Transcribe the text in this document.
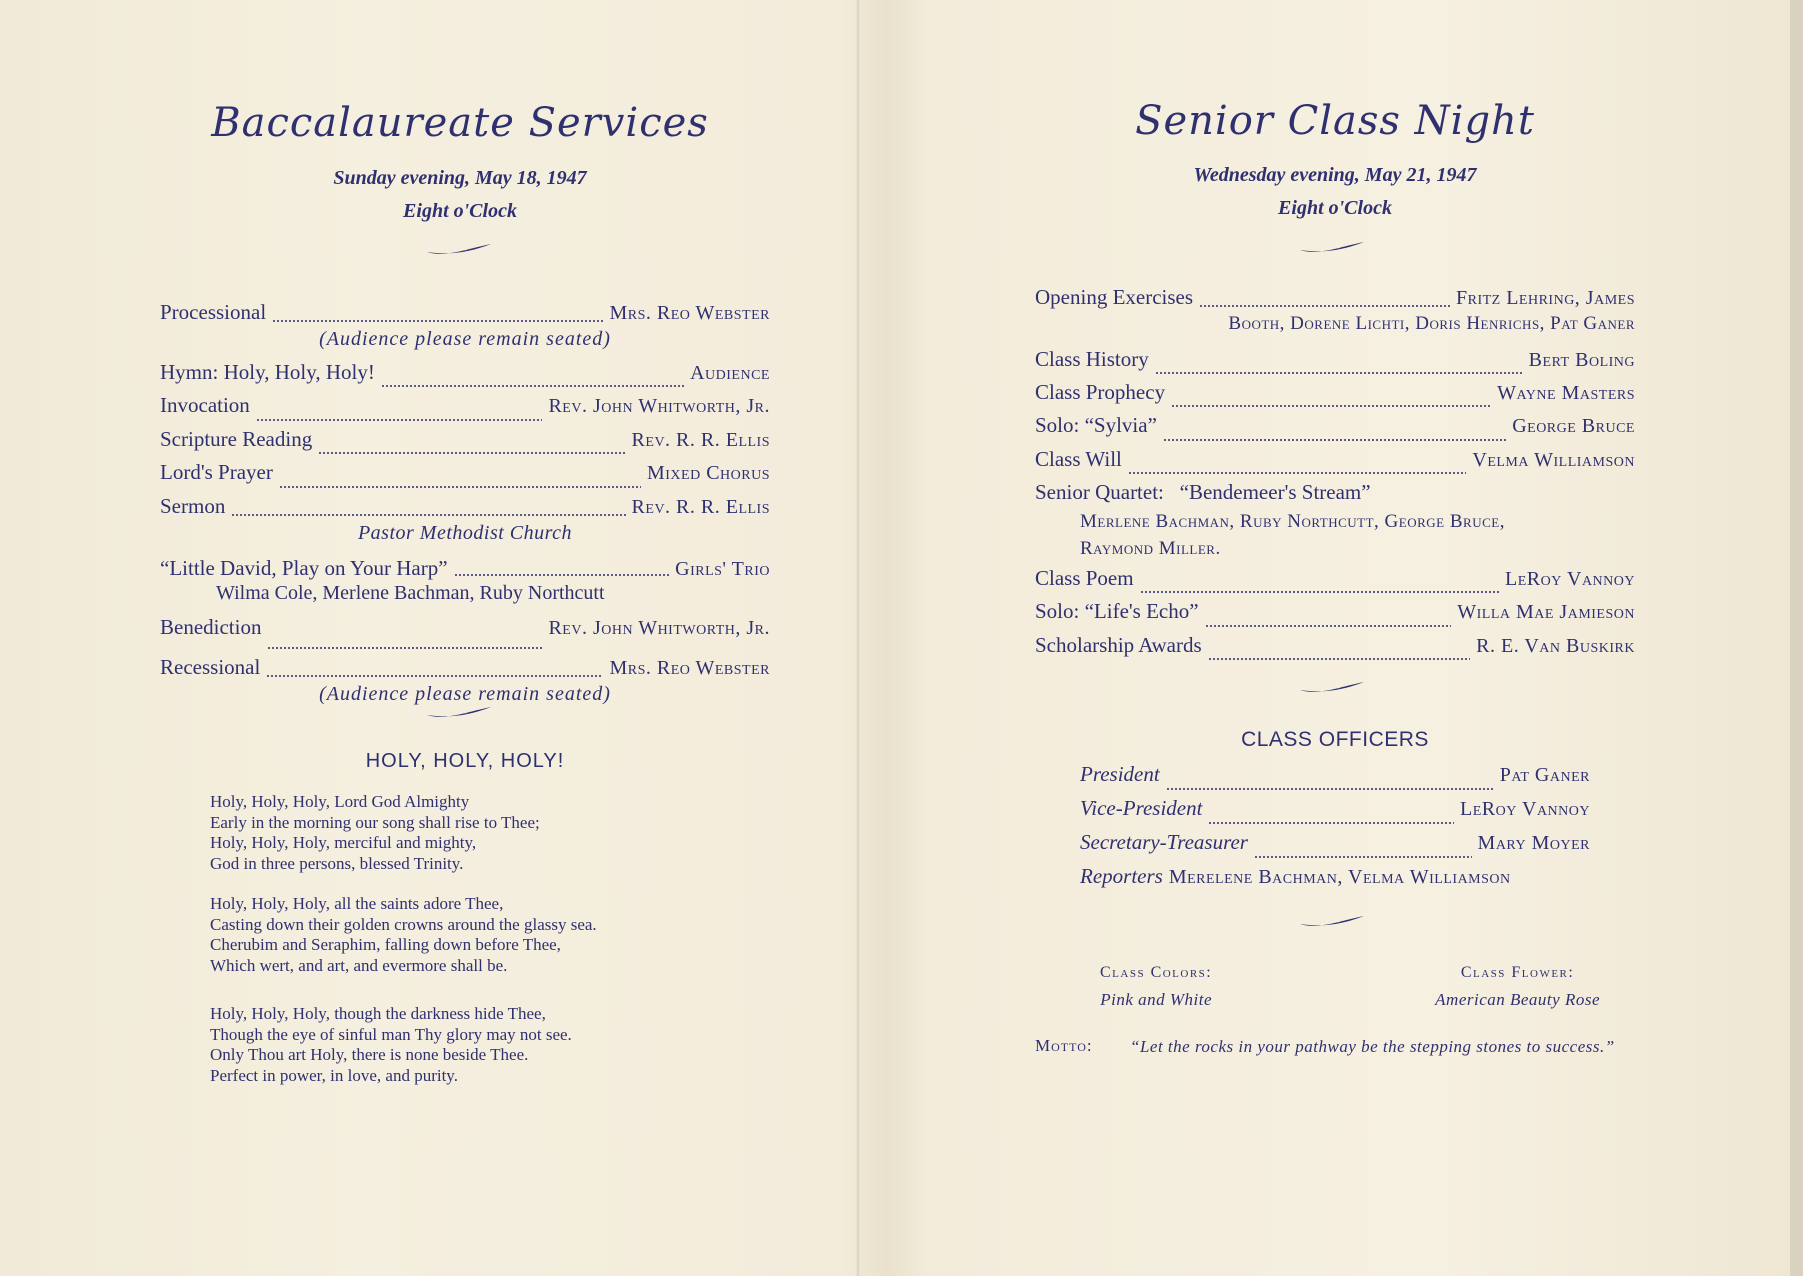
Baccalaureate Services

Sunday evening, May 18, 1947

Eight o'Clock

Processional	Mrs. Reo Webster
(Audience please remain seated)
Hymn: Holy, Holy, Holy!	Audience
Invocation	Rev. John Whitworth, Jr.
Scripture Reading	Rev. R. R. Ellis
Lord's Prayer	Mixed Chorus
Sermon	Rev. R. R. Ellis
Pastor Methodist Church
“Little David, Play on Your Harp”	Girls' Trio
Wilma Cole, Merlene Bachman, Ruby Northcutt
Benediction	Rev. John Whitworth, Jr.
Recessional	Mrs. Reo Webster
(Audience please remain seated)
HOLY, HOLY, HOLY!
Holy, Holy, Holy, Lord God Almighty
Early in the morning our song shall rise to Thee;
Holy, Holy, Holy, merciful and mighty,
God in three persons, blessed Trinity.
Holy, Holy, Holy, all the saints adore Thee,
Casting down their golden crowns around the glassy sea.
Cherubim and Seraphim, falling down before Thee,
Which wert, and art, and evermore shall be.
Holy, Holy, Holy, though the darkness hide Thee,
Though the eye of sinful man Thy glory may not see.
Only Thou art Holy, there is none beside Thee.
Perfect in power, in love, and purity.
Senior Class Night

Wednesday evening, May 21, 1947

Eight o'Clock

Opening Exercises	Fritz Lehring, James
Booth, Dorene Lichti, Doris Henrichs, Pat Ganer
Class History	Bert Boling
Class Prophecy	Wayne Masters
Solo: “Sylvia”	George Bruce
Class Will	Velma Williamson
Senior Quartet:   “Bendemeer's Stream”
Merlene Bachman, Ruby Northcutt, George Bruce,
Raymond Miller.
Class Poem	LeRoy Vannoy
Solo: “Life's Echo”	Willa Mae Jamieson
Scholarship Awards	R. E. Van Buskirk
CLASS OFFICERS
President	Pat Ganer
Vice-President	LeRoy Vannoy
Secretary-Treasurer	Mary Moyer
Reporters Merelene Bachman, Velma Williamson
Class Colors:
Pink and White
Class Flower:
American Beauty Rose
Motto:	“Let the rocks in your pathway be the stepping stones to success.”
